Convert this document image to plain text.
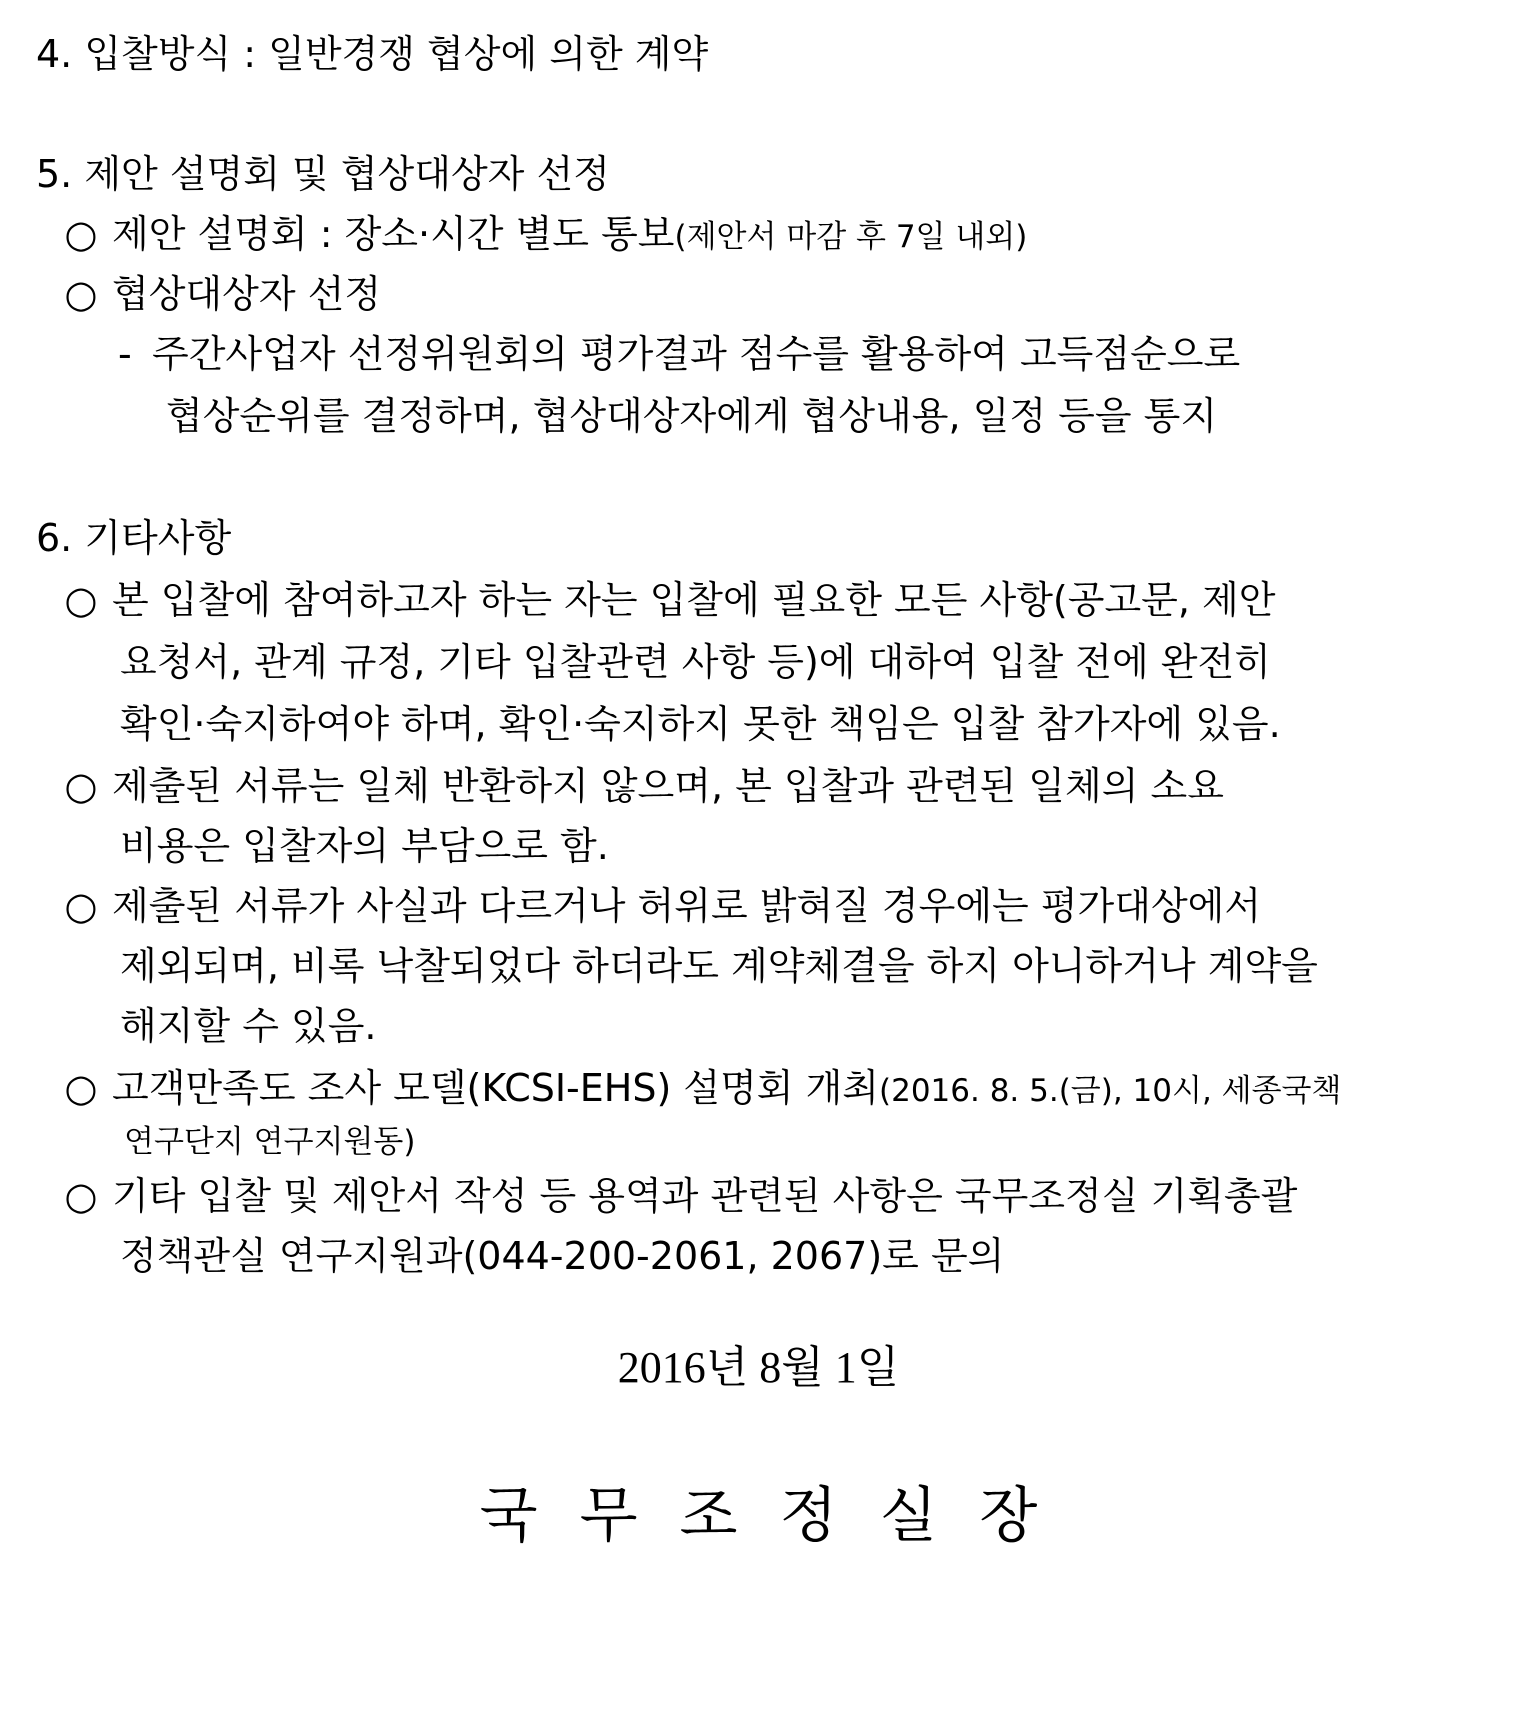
4. 입찰방식 : 일반경쟁 협상에 의한 계약
5. 제안 설명회 및 협상대상자 선정
○ 제안 설명회 : 장소·시간 별도 통보(제안서 마감 후 7일 내외)
○ 협상대상자 선정
- 주간사업자 선정위원회의 평가결과 점수를 활용하여 고득점순으로
협상순위를 결정하며, 협상대상자에게 협상내용, 일정 등을 통지
6. 기타사항
○ 본 입찰에 참여하고자 하는 자는 입찰에 필요한 모든 사항(공고문, 제안
요청서, 관계 규정, 기타 입찰관련 사항 등)에 대하여 입찰 전에 완전히
확인·숙지하여야 하며, 확인·숙지하지 못한 책임은 입찰 참가자에 있음.
○ 제출된 서류는 일체 반환하지 않으며, 본 입찰과 관련된 일체의 소요
비용은 입찰자의 부담으로 함.
○ 제출된 서류가 사실과 다르거나 허위로 밝혀질 경우에는 평가대상에서
제외되며, 비록 낙찰되었다 하더라도 계약체결을 하지 아니하거나 계약을
해지할 수 있음.
○ 고객만족도 조사 모델(KCSI-EHS) 설명회 개최(2016. 8. 5.(금), 10시, 세종국책
연구단지 연구지원동)
○ 기타 입찰 및 제안서 작성 등 용역과 관련된 사항은 국무조정실 기획총괄
정책관실 연구지원과(044-200-2061, 2067)로 문의
2016년 8월 1일
국무조정실장
